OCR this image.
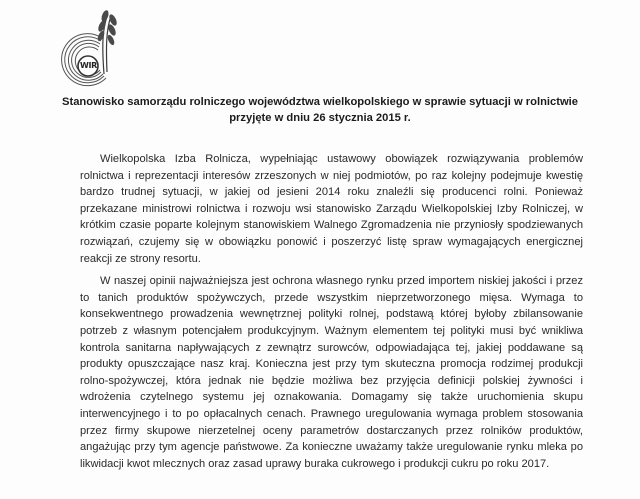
WIR
Stanowisko samorządu rolniczego województwa wielkopolskiego w sprawie sytuacji w rolnictwie
przyjęte w dniu 26 stycznia 2015 r.
Wielkopolska Izba Rolnicza, wypełniając ustawowy obowiązek rozwiązywania problemów
rolnictwa i reprezentacji interesów zrzeszonych w niej podmiotów, po raz kolejny podejmuje kwestię
bardzo trudnej sytuacji, w jakiej od jesieni 2014 roku znaleźli się producenci rolni. Ponieważ
przekazane ministrowi rolnictwa i rozwoju wsi stanowisko Zarządu Wielkopolskiej Izby Rolniczej, w
krótkim czasie poparte kolejnym stanowiskiem Walnego Zgromadzenia nie przyniosły spodziewanych
rozwiązań, czujemy się w obowiązku ponowić i poszerzyć listę spraw wymagających energicznej
reakcji ze strony resortu.
W naszej opinii najważniejsza jest ochrona własnego rynku przed importem niskiej jakości i przez
to tanich produktów spożywczych, przede wszystkim nieprzetworzonego mięsa. Wymaga to
konsekwentnego prowadzenia wewnętrznej polityki rolnej, podstawą której byłoby zbilansowanie
potrzeb z własnym potencjałem produkcyjnym. Ważnym elementem tej polityki musi być wnikliwa
kontrola sanitarna napływających z zewnątrz surowców, odpowiadająca tej, jakiej poddawane są
produkty opuszczające nasz kraj. Konieczna jest przy tym skuteczna promocja rodzimej produkcji
rolno-spożywczej, która jednak nie będzie możliwa bez przyjęcia definicji polskiej żywności i
wdrożenia czytelnego systemu jej oznakowania. Domagamy się także uruchomienia skupu
interwencyjnego i to po opłacalnych cenach. Prawnego uregulowania wymaga problem stosowania
przez firmy skupowe nierzetelnej oceny parametrów dostarczanych przez rolników produktów,
angażując przy tym agencje państwowe. Za konieczne uważamy także uregulowanie rynku mleka po
likwidacji kwot mlecznych oraz zasad uprawy buraka cukrowego i produkcji cukru po roku 2017.
